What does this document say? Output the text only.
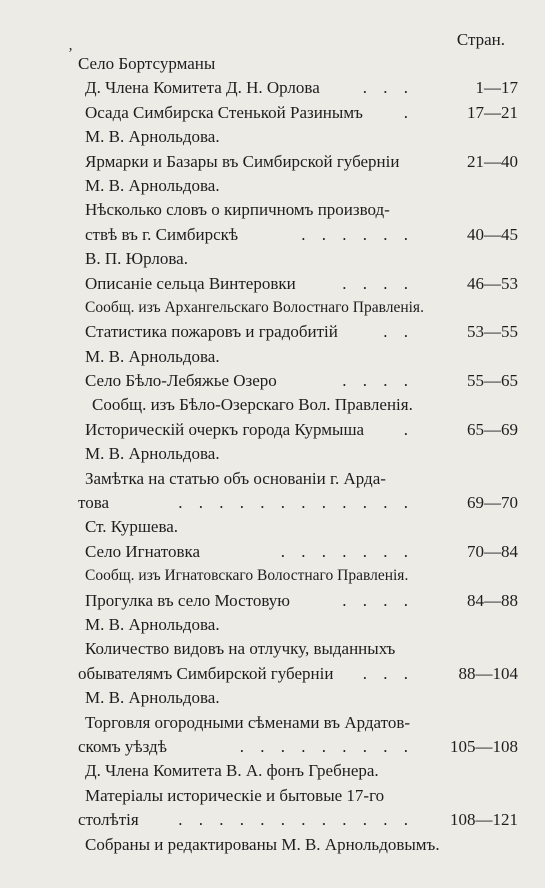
ʼ
Стран.
Село Бортсурманы
Д. Члена Комитета Д. Н. Орлова	. . .	1—17
Осада Симбирска Стенькой Разинымъ .	17—21
М. В. Арнольдова.
Ярмарки и Базары въ Симбирской губерніи	21—40
М. В. Арнольдова.
Нѣсколько словъ о кирпичномъ производ-
ствѣ въ г. Симбирскѣ	. . . . . .	40—45
В. П. Юрлова.
Описаніе сельца Винтеровки	. . . .	46—53
Сообщ. изъ Архангельскаго Волостнаго Правленія.
Статистика пожаровъ и градобитій	. .	53—55
М. В. Арнольдова.
Село Бѣло-Лебяжье Озеро	. . . .	55—65
Сообщ. изъ Бѣло-Озерскаго Вол. Правленія.
Историческій очеркъ города Курмыша .	65—69
М. В. Арнольдова.
Замѣтка на статью объ основаніи г. Арда-
това	. . . . . . . . . . . .	69—70
Ст. Куршева.
Село Игнатовка	. . . . . . .	70—84
Сообщ. изъ Игнатовскаго Волостнаго Правленія.
Прогулка въ село Мостовую	. . . .	84—88
М. В. Арнольдова.
Количество видовъ на отлучку, выданныхъ
обывателямъ Симбирской губерніи . . .	88—104
М. В. Арнольдова.
Торговля огородными сѣменами въ Ардатов-
скомъ уѣздѣ	. . . . . . . . . 105—108
Д. Члена Комитета В. А. фонъ Гребнера.
Матеріалы историческіе и бытовые 17-го
столѣтія . . . . . . . . . . . . 108—121
Собраны и редактированы М. В. Арнольдовымъ.
